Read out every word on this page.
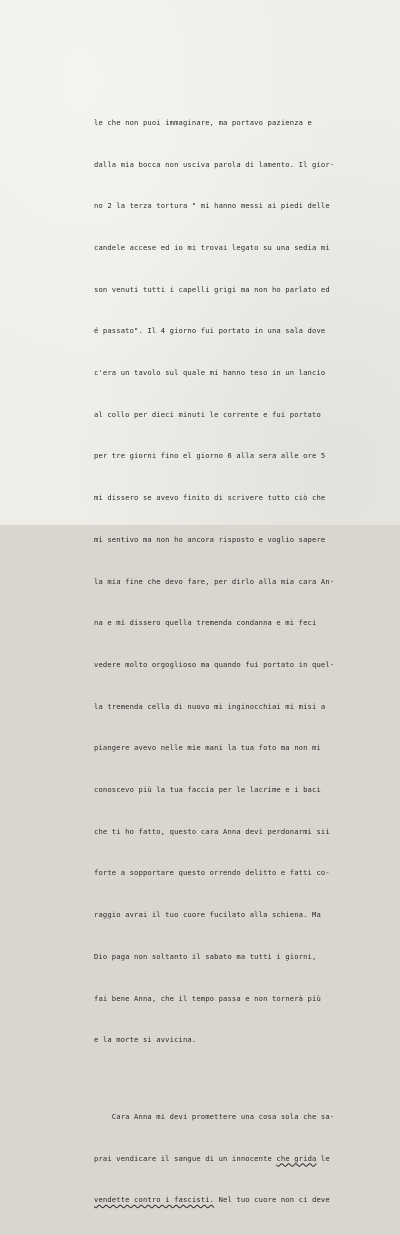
le che non puoi immaginare, ma portavo pazienza e

dalla mia bocca non usciva parola di lamento. Il gior-

no 2 la terza tortura " mi hanno messi ai piedi delle

candele accese ed io mi trovai legato su una sedia mi

son venuti tutti i capelli grigi ma non ho parlato ed

é passato". Il 4 giorno fui portato in una sala dove

c'era un tavolo sul quale mi hanno teso in un lancio

al collo per dieci minuti le corrente e fui portato

per tre giorni fino el giorno 6 alla sera alle ore 5

mi dissero se avevo finito di scrivere tutto ciò che

mi sentivo ma non ho ancora risposto e voglio sapere

la mia fine che devo fare, per dirlo alla mia cara An-

na e mi dissero quella tremenda condanna e mi feci

vedere molto orgoglioso ma quando fui portato in quel-

la tremenda cella di nuovo mi inginocchiai mi misi a

piangere avevo nelle mie mani la tua foto ma non mi

conoscevo più la tua faccia per le lacrime e i baci

che ti ho fatto, questo cara Anna devi perdonarmi sii

forte a sopportare questo orrendo delitto e fatti co-

raggio avrai il tuo cuore fucilato alla schiena. Ma

Dio paga non soltanto il sabato ma tutti i giorni,

fai bene Anna, che il tempo passa e non tornerà più

e la morte si avvicina.

Cara Anna mi devi promettere una cosa sola che sa-

prai vendicare il sangue di un innocente che grida le

vendette contro i fascisti. Nel tuo cuore non ci deve
